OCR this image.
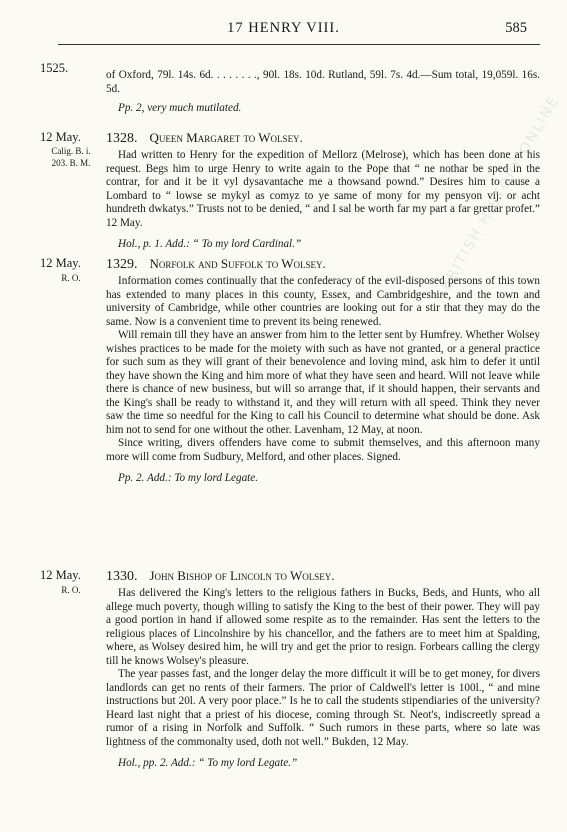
17 HENRY VIII.	585
1525.	of Oxford, 79l. 14s. 6d. . . . . . . ., 90l. 18s. 10d. Rutland, 59l. 7s. 4d.—Sum total, 19,059l. 16s. 5d.

Pp. 2, very much mutilated.

12 May.
Calig. B. i. 203. B. M.
1328. Queen Margaret to Wolsey.

Had written to Henry for the expedition of Mellorz (Melrose), which has been done at his request. Begs him to urge Henry to write again to the Pope that “ ne nothar be sped in the contrar, for and it be it vyl dysavantache me a thowsand pownd.” Desires him to cause a Lombard to “ lowse se mykyl as comyz to ye same of mony for my pensyon vij. or acht hundreth dwkatys.” Trusts not to be denied, “ and I sal be worth far my part a far grettar profet.” 12 May.

Hol., p. 1. Add.: “ To my lord Cardinal.”

12 May.
R. O.
1329. Norfolk and Suffolk to Wolsey.

Information comes continually that the confederacy of the evil-disposed persons of this town has extended to many places in this county, Essex, and Cambridgeshire, and the town and university of Cambridge, while other countries are looking out for a stir that they may do the same. Now is a convenient time to prevent its being renewed.

Will remain till they have an answer from him to the letter sent by Humfrey. Whether Wolsey wishes practices to be made for the moiety with such as have not granted, or a general practice for such sum as they will grant of their benevolence and loving mind, ask him to defer it until they have shown the King and him more of what they have seen and heard. Will not leave while there is chance of new business, but will so arrange that, if it should happen, their servants and the King's shall be ready to withstand it, and they will return with all speed. Think they never saw the time so needful for the King to call his Council to determine what should be done. Ask him not to send for one without the other. Lavenham, 12 May, at noon.

Since writing, divers offenders have come to submit themselves, and this afternoon many more will come from Sudbury, Melford, and other places. Signed.

Pp. 2. Add.: To my lord Legate.

12 May.
R. O.
1330. John Bishop of Lincoln to Wolsey.

Has delivered the King's letters to the religious fathers in Bucks, Beds, and Hunts, who all allege much poverty, though willing to satisfy the King to the best of their power. They will pay a good portion in hand if allowed some respite as to the remainder. Has sent the letters to the religious places of Lincolnshire by his chancellor, and the fathers are to meet him at Spalding, where, as Wolsey desired him, he will try and get the prior to resign. Forbears calling the clergy till he knows Wolsey's pleasure.

The year passes fast, and the longer delay the more difficult it will be to get money, for divers landlords can get no rents of their farmers. The prior of Caldwell's letter is 100l., “ and mine instructions but 20l. A very poor place.” Is he to call the students stipendiaries of the university? Heard last night that a priest of his diocese, coming through St. Neot's, indiscreetly spread a rumor of a rising in Norfolk and Suffolk. “ Such rumors in these parts, where so late was lightness of the commonalty used, doth not well.” Bukden, 12 May.

Hol., pp. 2. Add.: “ To my lord Legate.”

BRITISH HISTORY ONLINE
